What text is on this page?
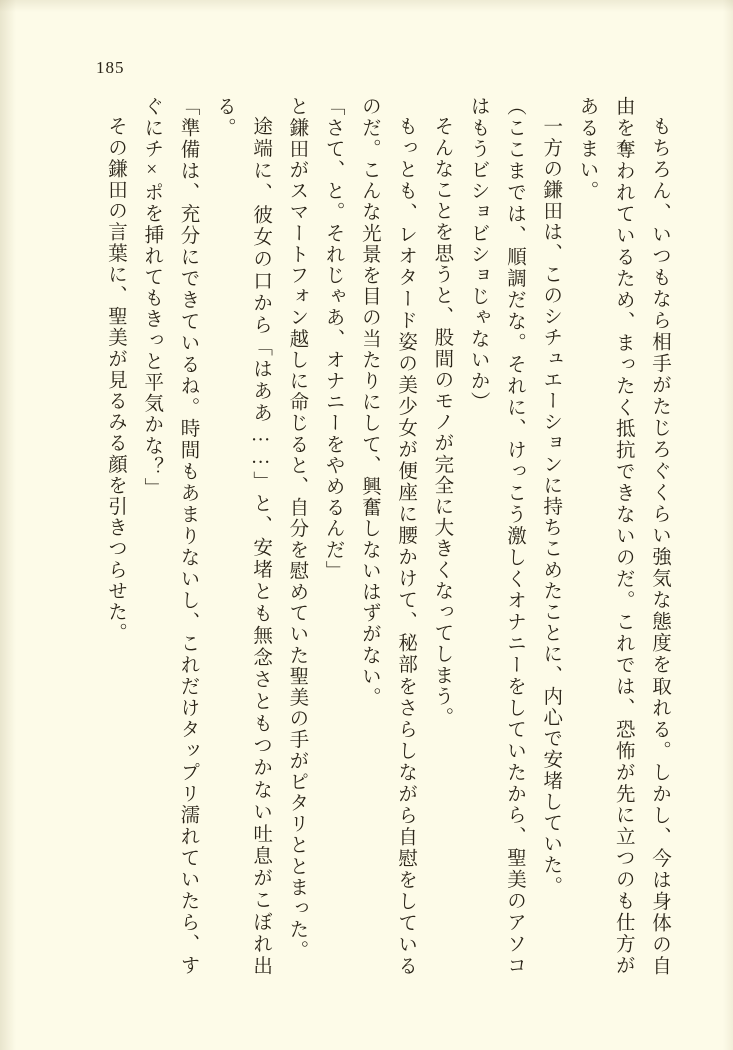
185

もちろん、いつもなら相手がたじろぐくらい強気な態度を取れる。しかし、今は身体の自由を奪われているため、まったく抵抗できないのだ。これでは、恐怖が先に立つのも仕方があるまい。

一方の鎌田は、このシチュエーションに持ちこめたことに、内心で安堵していた。

（ここまでは、順調だな。それに、けっこう激しくオナニーをしていたから、聖美のアソコはもうビショビショじゃないか）

そんなことを思うと、股間のモノが完全に大きくなってしまう。

もっとも、レオタード姿の美少女が便座に腰かけて、秘部をさらしながら自慰をしているのだ。こんな光景を目の当たりにして、興奮しないはずがない。

「さて、と。それじゃあ、オナニーをやめるんだ」

と鎌田がスマートフォン越しに命じると、自分を慰めていた聖美の手がピタリととまった。

途端に、彼女の口から「はああ……」と、安堵とも無念さともつかない吐息がこぼれ出る。

「準備は、充分にできているね。時間もあまりないし、これだけタップリ濡れていたら、すぐにチ×ポを挿れてもきっと平気かな？」

その鎌田の言葉に、聖美が見るみる顔を引きつらせた。
